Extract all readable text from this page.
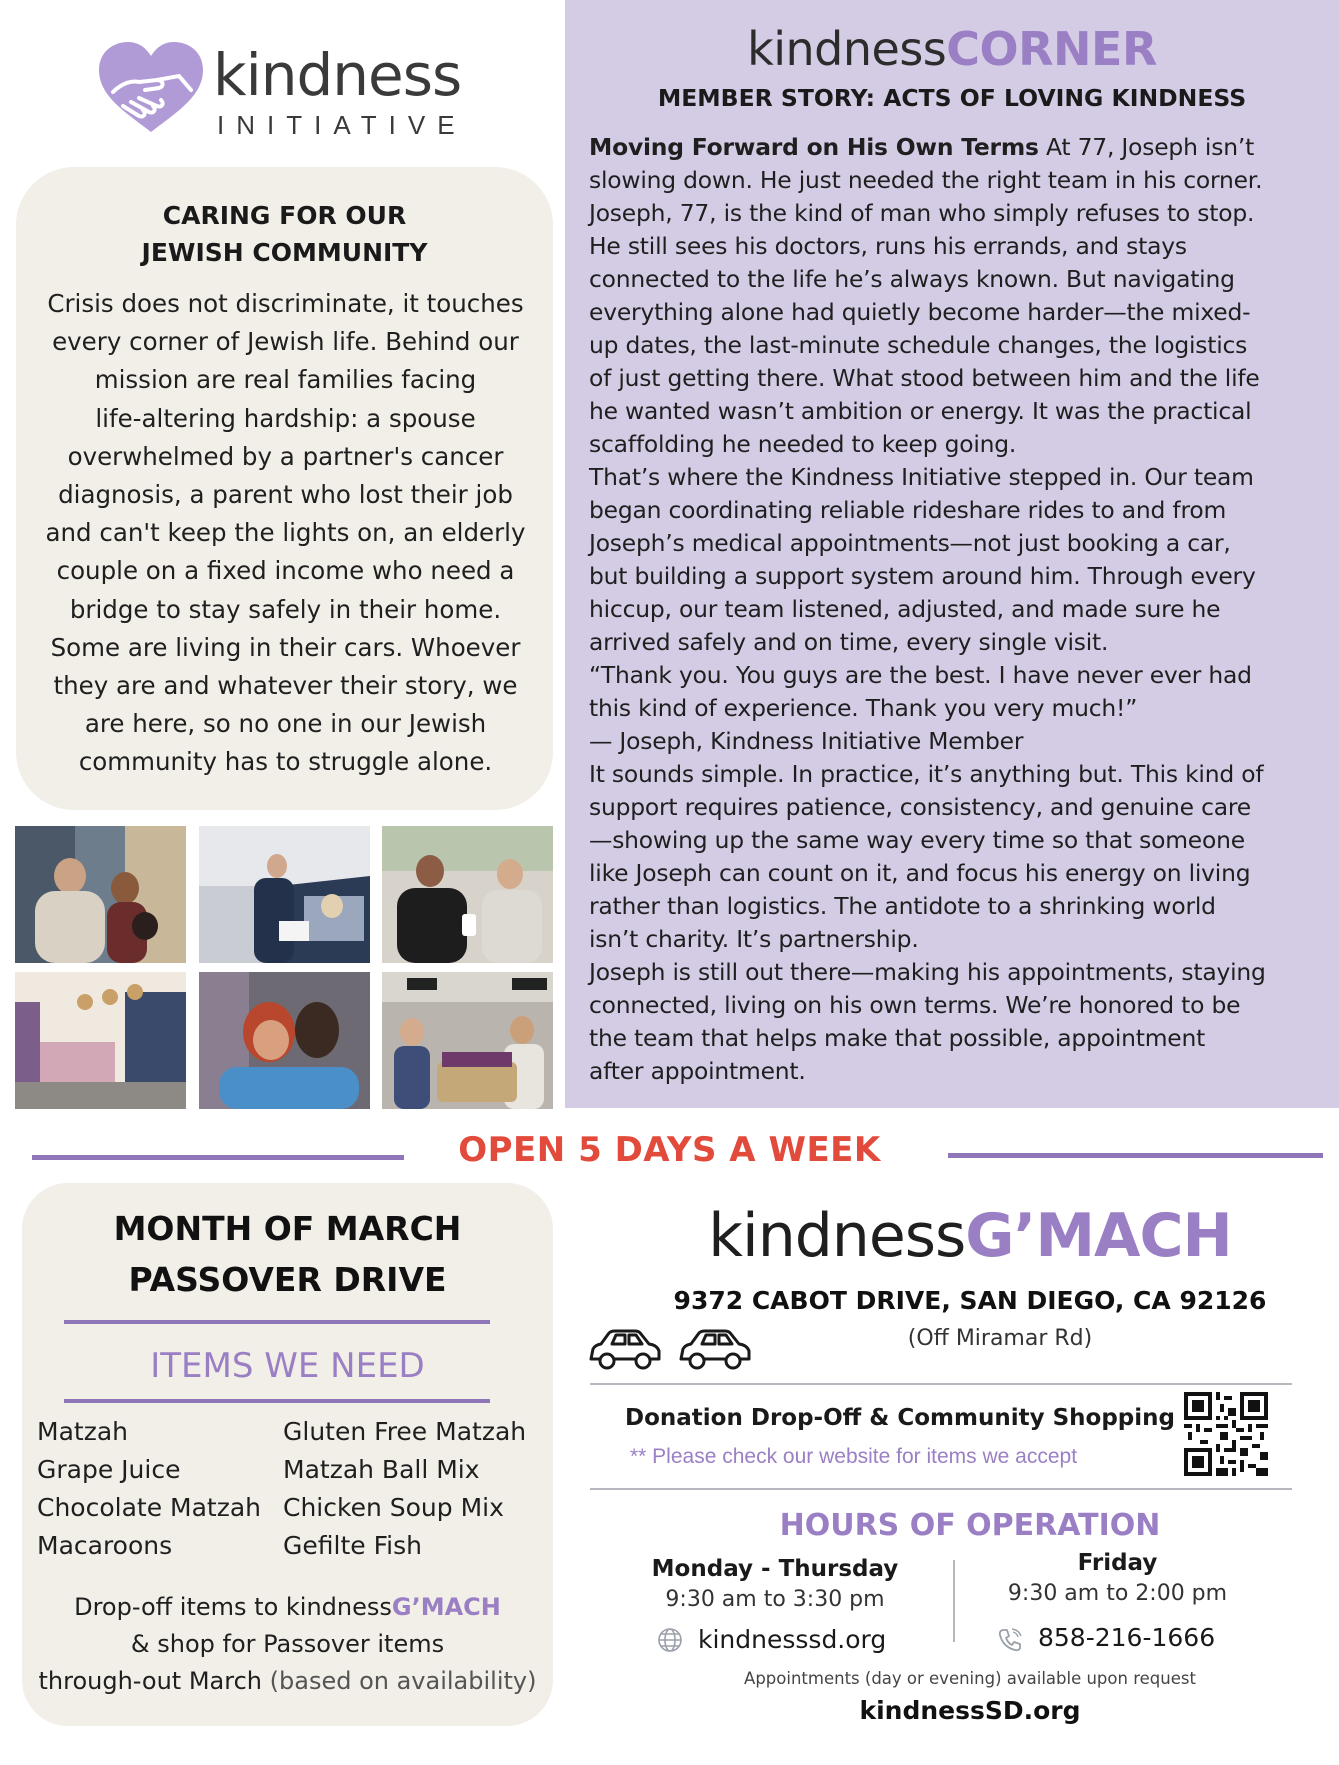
kindness
INITIATIVE
CARING FOR OUR
JEWISH COMMUNITY

Crisis does not discriminate, it touches
every corner of Jewish life. Behind our
mission are real families facing
life-altering hardship: a spouse
overwhelmed by a partner's cancer
diagnosis, a parent who lost their job
and can't keep the lights on, an elderly
couple on a fixed income who need a
bridge to stay safely in their home.
Some are living in their cars. Whoever
they are and whatever their story, we
are here, so no one in our Jewish
community has to struggle alone.

kindnessCORNER
MEMBER STORY: ACTS OF LOVING KINDNESS
Moving Forward on His Own Terms At 77, Joseph isn’t
slowing down. He just needed the right team in his corner.
Joseph, 77, is the kind of man who simply refuses to stop.
He still sees his doctors, runs his errands, and stays
connected to the life he’s always known. But navigating
everything alone had quietly become harder—the mixed-
up dates, the last-minute schedule changes, the logistics
of just getting there. What stood between him and the life
he wanted wasn’t ambition or energy. It was the practical
scaffolding he needed to keep going.
That’s where the Kindness Initiative stepped in. Our team
began coordinating reliable rideshare rides to and from
Joseph’s medical appointments—not just booking a car,
but building a support system around him. Through every
hiccup, our team listened, adjusted, and made sure he
arrived safely and on time, every single visit.
“Thank you. You guys are the best. I have never ever had
this kind of experience. Thank you very much!”
— Joseph, Kindness Initiative Member
It sounds simple. In practice, it’s anything but. This kind of
support requires patience, consistency, and genuine care
—showing up the same way every time so that someone
like Joseph can count on it, and focus his energy on living
rather than logistics. The antidote to a shrinking world
isn’t charity. It’s partnership.
Joseph is still out there—making his appointments, staying
connected, living on his own terms. We’re honored to be
the team that helps make that possible, appointment
after appointment.
OPEN 5 DAYS A WEEK
MONTH OF MARCH
PASSOVER DRIVE
ITEMS WE NEED
Matzah
Grape Juice
Chocolate Matzah
Macaroons
Gluten Free Matzah
Matzah Ball Mix
Chicken Soup Mix
Gefilte Fish
Drop-off items to kindnessG’MACH
& shop for Passover items
through-out March (based on availability)
kindnessG’MACH
9372 CABOT DRIVE, SAN DIEGO, CA 92126
(Off Miramar Rd)
Donation Drop-Off & Community Shopping
** Please check our website for items we accept
HOURS OF OPERATION
Monday - Thursday
9:30 am to 3:30 pm
Friday
9:30 am to 2:00 pm
kindnesssd.org	858-216-1666
Appointments (day or evening) available upon request
kindnessSD.org
